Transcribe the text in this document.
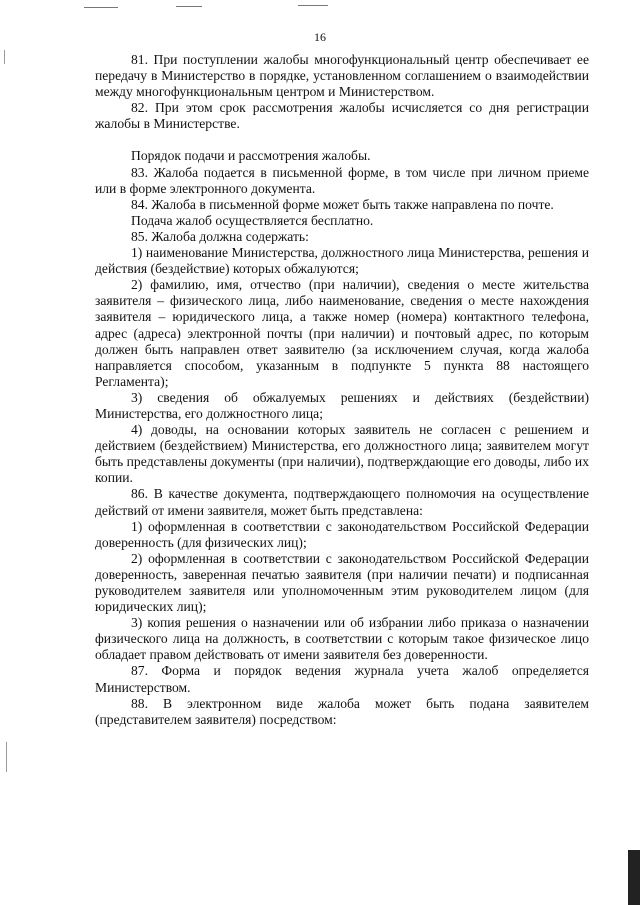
16

81. При поступлении жалобы многофункциональный центр обеспечивает ее передачу в Министерство в порядке, установленном соглашением о взаимодействии между многофункциональным центром и Министерством.

82. При этом срок рассмотрения жалобы исчисляется со дня регистрации жалобы в Министерстве.

Порядок подачи и рассмотрения жалобы.

83. Жалоба подается в письменной форме, в том числе при личном приеме или в форме электронного документа.

84. Жалоба в письменной форме может быть также направлена по почте.

Подача жалоб осуществляется бесплатно.

85. Жалоба должна содержать:

1) наименование Министерства, должностного лица Министерства, решения и действия (бездействие) которых обжалуются;

2) фамилию, имя, отчество (при наличии), сведения о месте жительства заявителя – физического лица, либо наименование, сведения о месте нахождения заявителя – юридического лица, а также номер (номера) контактного телефона, адрес (адреса) электронной почты (при наличии) и почтовый адрес, по которым должен быть направлен ответ заявителю (за исключением случая, когда жалоба направляется способом, указанным в подпункте 5 пункта 88 настоящего Регламента);

3) сведения об обжалуемых решениях и действиях (бездействии) Министерства, его должностного лица;

4) доводы, на основании которых заявитель не согласен с решением и действием (бездействием) Министерства, его должностного лица; заявителем могут быть представлены документы (при наличии), подтверждающие его доводы, либо их копии.

86. В качестве документа, подтверждающего полномочия на осуществление действий от имени заявителя, может быть представлена:

1) оформленная в соответствии с законодательством Российской Федерации доверенность (для физических лиц);

2) оформленная в соответствии с законодательством Российской Федерации доверенность, заверенная печатью заявителя (при наличии печати) и подписанная руководителем заявителя или уполномоченным этим руководителем лицом (для юридических лиц);

3) копия решения о назначении или об избрании либо приказа о назначении физического лица на должность, в соответствии с которым такое физическое лицо обладает правом действовать от имени заявителя без доверенности.

87. Форма и порядок ведения журнала учета жалоб определяется Министерством.

88. В электронном виде жалоба может быть подана заявителем (представителем заявителя) посредством:
